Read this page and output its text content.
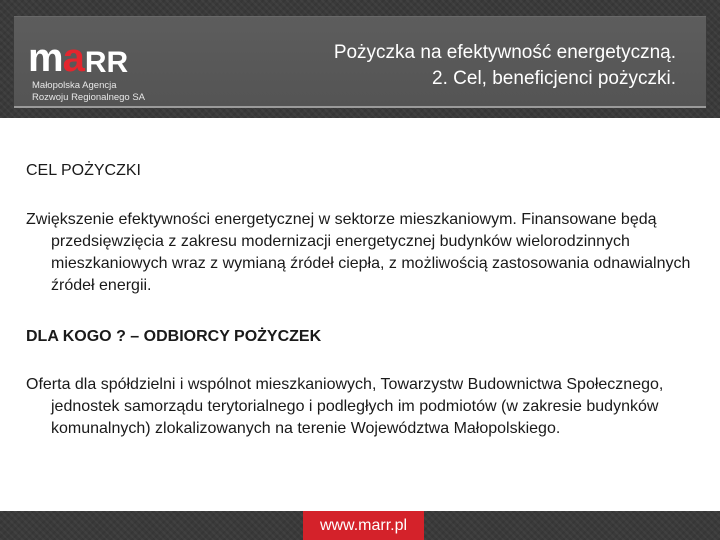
m a RR
Małopolska Agencja
Rozwoju Regionalnego SA
Pożyczka na efektywność energetyczną.
2. Cel, beneficjenci pożyczki.

CEL POŻYCZKI

Zwiększenie efektywności energetycznej w sektorze mieszkaniowym. Finansowane będą przedsięwzięcia z zakresu modernizacji energetycznej budynków wielorodzinnych mieszkaniowych wraz z wymianą źródeł ciepła, z możliwością zastosowania odnawialnych źródeł energii.

DLA KOGO ? – ODBIORCY POŻYCZEK

Oferta dla spółdzielni i wspólnot mieszkaniowych, Towarzystw Budownictwa Społecznego, jednostek samorządu terytorialnego i podległych im podmiotów (w zakresie budynków komunalnych) zlokalizowanych na terenie Województwa Małopolskiego.

www.marr.pl
